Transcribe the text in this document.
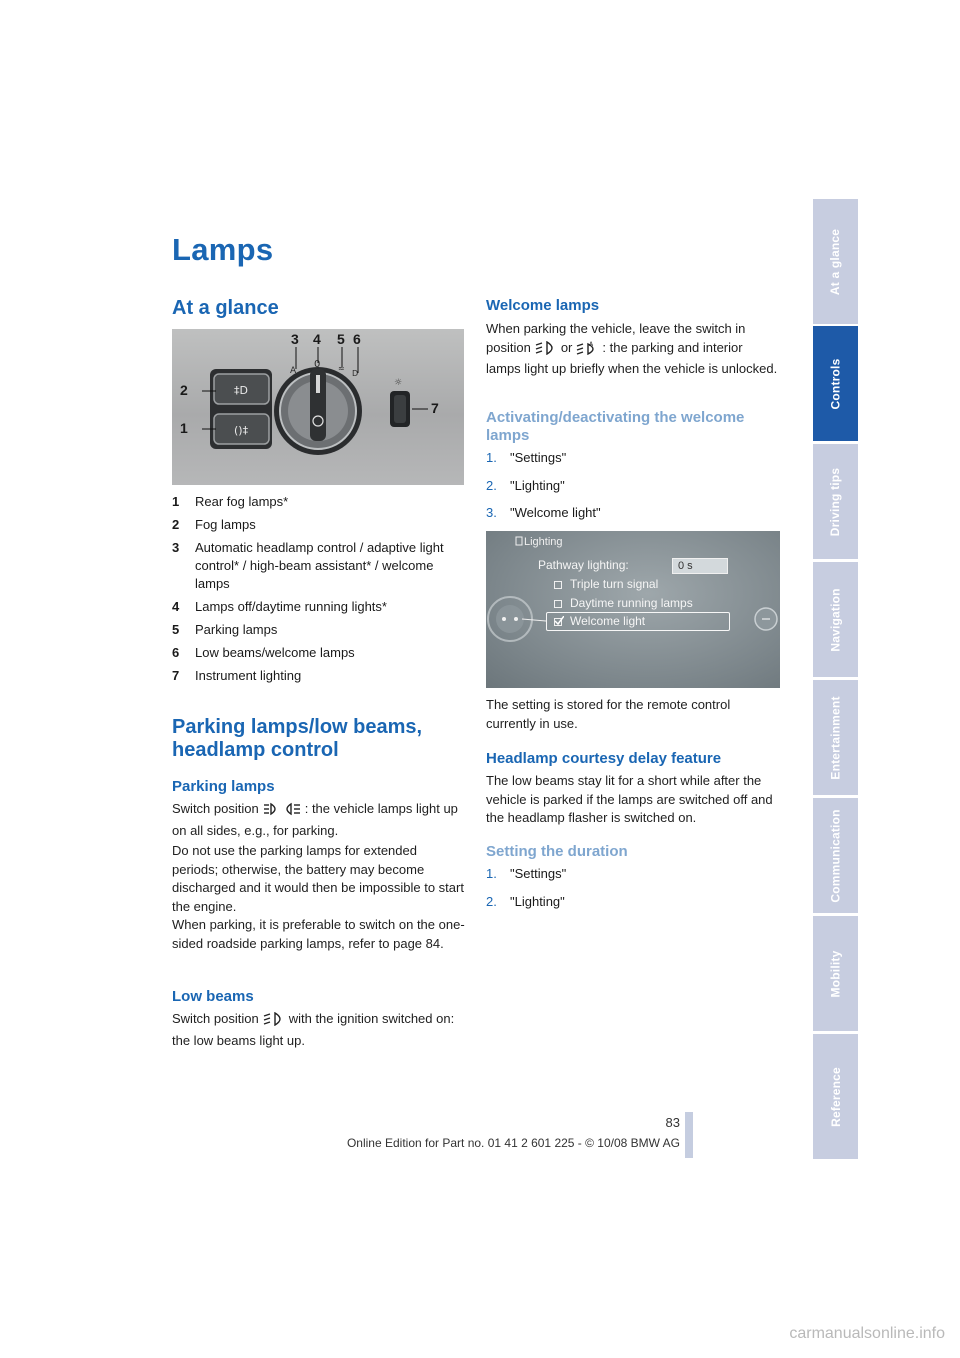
Lamps
At a glance
‡D
()‡
A
0 ≈
D
☼
1
2
3 4 5 6
7
1	Rear fog lamps*
2	Fog lamps
3	Automatic headlamp control / adaptive light control* / high-beam assistant* / welcome lamps
4	Lamps off/daytime running lights*
5	Parking lamps
6	Low beams/welcome lamps
7	Instrument lighting
Parking lamps/low beams, headlamp control
Parking lamps
Switch position	: the vehicle lamps light up on all sides, e.g., for parking.
Do not use the parking lamps for extended periods; otherwise, the battery may become discharged and it would then be impossible to start the engine.
When parking, it is preferable to switch on the one-sided roadside parking lamps, refer to page 84.
Low beams
Switch position with the ignition switched on: the low beams light up.
Welcome lamps
When parking the vehicle, leave the switch in position or	A : the parking and interior lamps light up briefly when the vehicle is unlocked.
Activating/deactivating the welcome lamps
1.	"Settings"
2.	"Lighting"
3.	"Welcome light"
Lighting
Pathway lighting:	0 s
Triple turn signal
Daytime running lamps
Welcome light
The setting is stored for the remote control currently in use.
Headlamp courtesy delay feature
The low beams stay lit for a short while after the vehicle is parked if the lamps are switched off and the headlamp flasher is switched on.
Setting the duration
1.	"Settings"
2.	"Lighting"
At a glance
Controls
Driving tips
Navigation
Entertainment
Communication
Mobility
Reference
83
Online Edition for Part no. 01 41 2 601 225 - © 10/08 BMW AG
carmanualsonline.info
